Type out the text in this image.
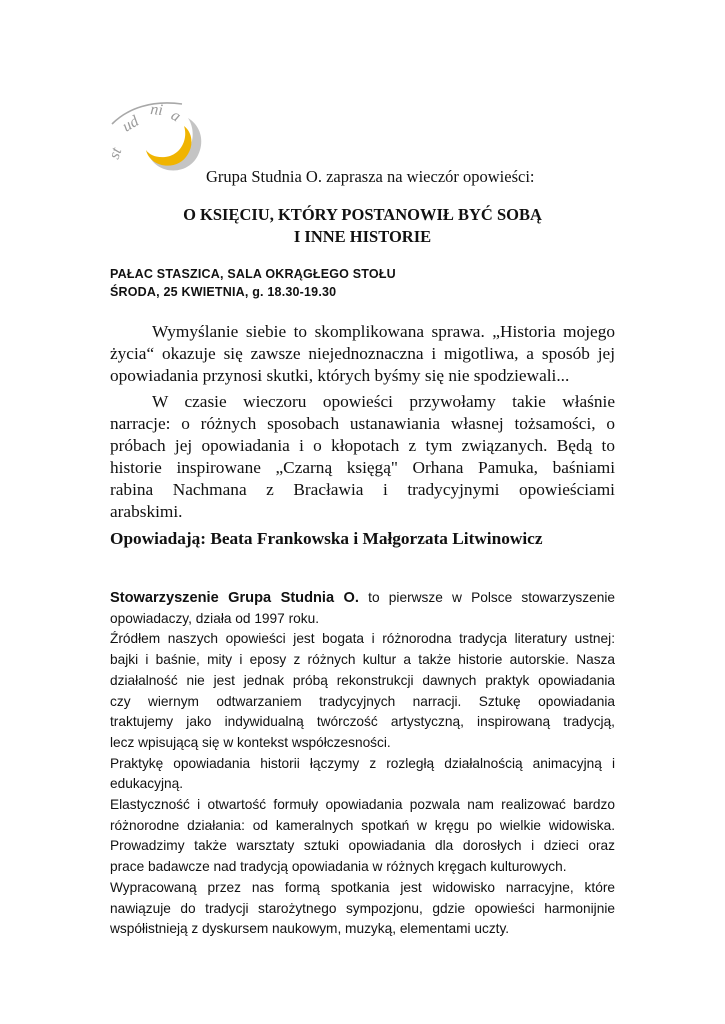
st
ud
ni a
Grupa Studnia O. zaprasza na wieczór opowieści:
O KSIĘCIU, KTÓRY POSTANOWIŁ BYĆ SOBĄ
I INNE HISTORIE
PAŁAC STASZICA, SALA OKRĄGŁEGO STOŁU
ŚRODA, 25 KWIETNIA, g. 18.30-19.30
Wymyślanie siebie to skomplikowana sprawa. „Historia mojego
życia“ okazuje się zawsze niejednoznaczna i migotliwa, a sposób jej
opowiadania przynosi skutki, których byśmy się nie spodziewali...
W czasie wieczoru opowieści przywołamy takie właśnie
narracje: o różnych sposobach ustanawiania własnej tożsamości, o
próbach jej opowiadania i o kłopotach z tym związanych. Będą to
historie inspirowane „Czarną księgą" Orhana Pamuka, baśniami
rabina Nachmana z Bracławia i tradycyjnymi opowieściami
arabskimi.
Opowiadają: Beata Frankowska i Małgorzata Litwinowicz
Stowarzyszenie Grupa Studnia O. to pierwsze w Polsce stowarzyszenie
opowiadaczy, działa od 1997 roku.
Źródłem naszych opowieści jest bogata i różnorodna tradycja literatury ustnej:
bajki i baśnie, mity i eposy z różnych kultur a także historie autorskie. Nasza
działalność nie jest jednak próbą rekonstrukcji dawnych praktyk opowiadania
czy wiernym odtwarzaniem tradycyjnych narracji. Sztukę opowiadania
traktujemy jako indywidualną twórczość artystyczną, inspirowaną tradycją,
lecz wpisującą się w kontekst współczesności.
Praktykę opowiadania historii łączymy z rozległą działalnością animacyjną i
edukacyjną.
Elastyczność i otwartość formuły opowiadania pozwala nam realizować bardzo
różnorodne działania: od kameralnych spotkań w kręgu po wielkie widowiska.
Prowadzimy także warsztaty sztuki opowiadania dla dorosłych i dzieci oraz
prace badawcze nad tradycją opowiadania w różnych kręgach kulturowych.
Wypracowaną przez nas formą spotkania jest widowisko narracyjne, które
nawiązuje do tradycji starożytnego sympozjonu, gdzie opowieści harmonijnie
współistnieją z dyskursem naukowym, muzyką, elementami uczty.
